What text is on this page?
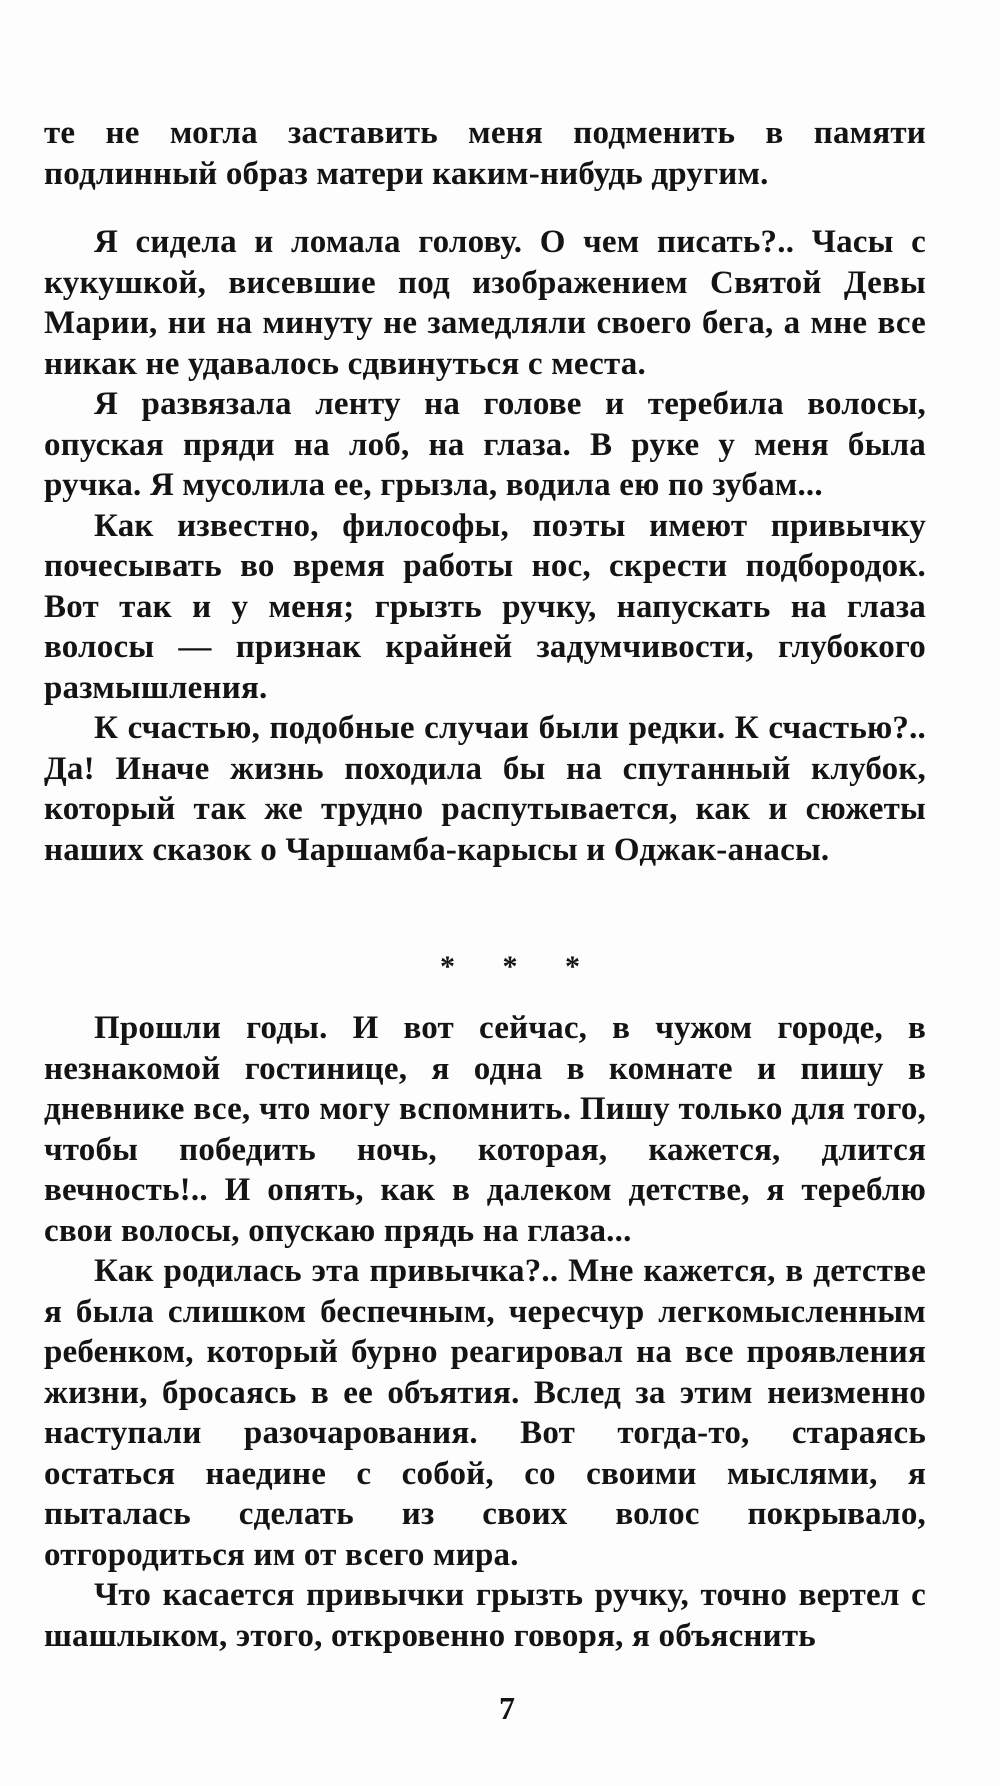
те не могла заставить меня подменить в памяти подлинный образ матери каким-нибудь другим.

Я сидела и ломала голову. О чем писать?.. Часы с кукушкой, висевшие под изображением Святой Девы Марии, ни на минуту не замедляли своего бега, а мне все никак не удавалось сдвинуться с места.

Я развязала ленту на голове и теребила волосы, опуская пряди на лоб, на глаза. В руке у меня была ручка. Я мусолила ее, грызла, водила ею по зубам...

Как известно, философы, поэты имеют привычку почесывать во время работы нос, скрести подбородок. Вот так и у меня; грызть ручку, напускать на глаза волосы — признак крайней задумчивости, глубокого размышления.

К счастью, подобные случаи были редки. К счастью?.. Да! Иначе жизнь походила бы на спутанный клубок, который так же трудно распутывается, как и сюжеты наших сказок о Чаршамба-карысы и Оджак-анасы.

* * *

Прошли годы. И вот сейчас, в чужом городе, в незнакомой гостинице, я одна в комнате и пишу в дневнике все, что могу вспомнить. Пишу только для того, чтобы победить ночь, которая, кажется, длится вечность!.. И опять, как в далеком детстве, я тереблю свои волосы, опускаю прядь на глаза...

Как родилась эта привычка?.. Мне кажется, в детстве я была слишком беспечным, чересчур легкомысленным ребенком, который бурно реагировал на все проявления жизни, бросаясь в ее объятия. Вслед за этим неизменно наступали разочарования. Вот тогда-то, стараясь остаться наедине с собой, со своими мыслями, я пыталась сделать из своих волос покрывало, отгородиться им от всего мира.

Что касается привычки грызть ручку, точно вертел с шашлыком, этого, откровенно говоря, я объяснить

7
